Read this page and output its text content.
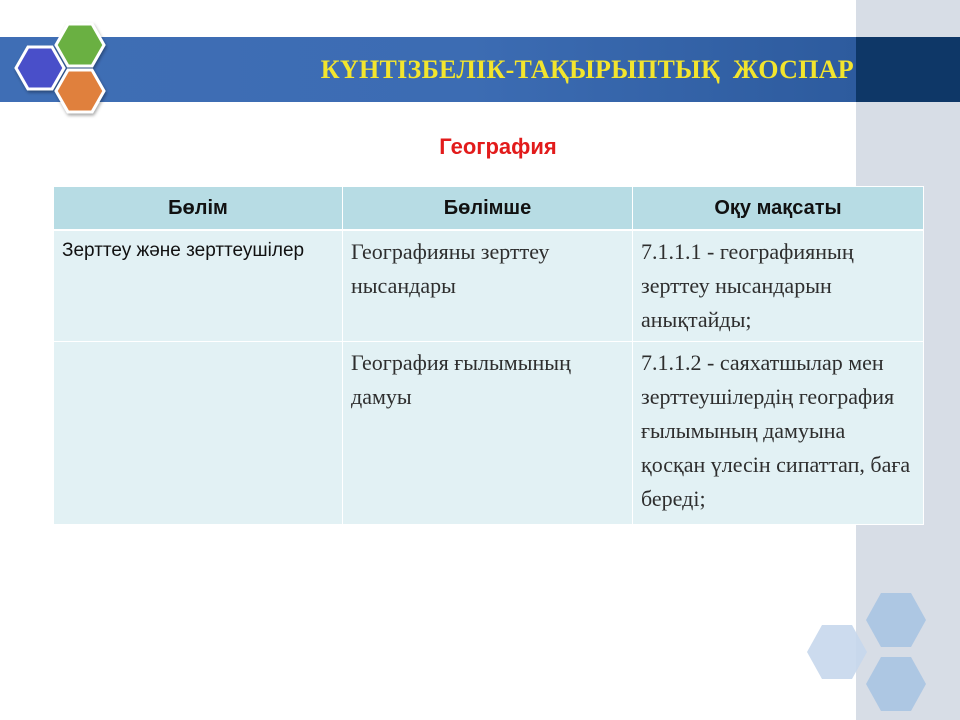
КҮНТІЗБЕЛІК-ТАҚЫРЫПТЫҚ ЖОСПАР
География
Бөлім	Бөлімше	Оқу мақсаты
Зерттеу және зерттеушілер	Географияны зерттеу нысандары	7.1.1.1 - географияның зерттеу нысандарын анықтайды;
	География ғылымының дамуы	7.1.1.2 - саяхатшылар мен зерттеушілердің география ғылымының дамуына қосқан үлесін сипаттап, баға береді;
